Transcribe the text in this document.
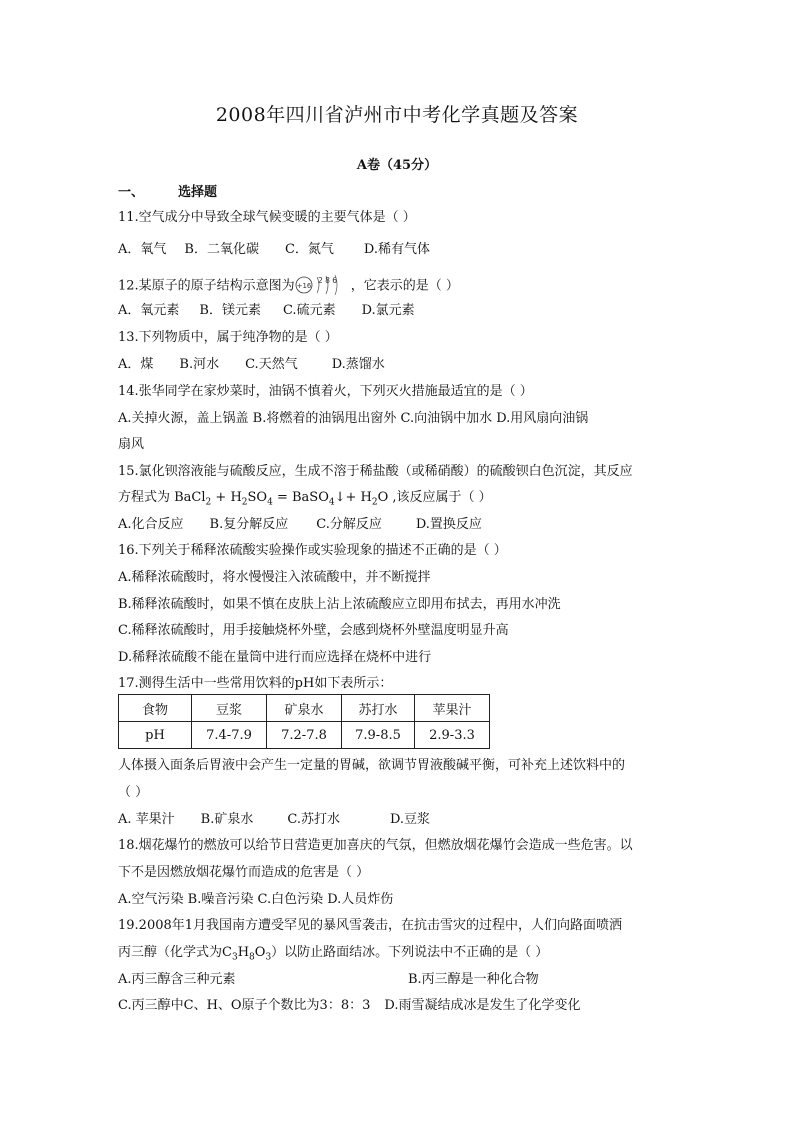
2008年四川省泸州市中考化学真题及答案
A卷（45分）
一、	选择题
11.空气成分中导致全球气候变暖的主要气体是（ ）
A．氧气 B．二氧化碳 C．氮气 D.稀有气体
12.某原子的原子结构示意图为 +16
2 8 6 ，它表示的是（ ）
A．氧元素 B．镁元素 C.硫元素 D.氯元素
13.下列物质中，属于纯净物的是（ ）
A．煤 B.河水 C.天然气	D.蒸馏水
14.张华同学在家炒菜时，油锅不慎着火，下列灭火措施最适宜的是（ ）
A.关掉火源，盖上锅盖 B.将燃着的油锅甩出窗外 C.向油锅中加水 D.用风扇向油锅
扇风
15.氯化钡溶液能与硫酸反应，生成不溶于稀盐酸（或稀硝酸）的硫酸钡白色沉淀，其反应
方程式为 BaCl$_2$ + $H_2SO_4$ = BaSO$_4$↓+ $H_2O$ ,该反应属于（ ）
A.化合反应 B.复分解反应 C.分解反应	D.置换反应
16.下列关于稀释浓硫酸实验操作或实验现象的描述不正确的是（ ）
A.稀释浓硫酸时，将水慢慢注入浓硫酸中，并不断搅拌
B.稀释浓硫酸时，如果不慎在皮肤上沾上浓硫酸应立即用布拭去，再用水冲洗
C.稀释浓硫酸时，用手接触烧杯外壁，会感到烧杯外壁温度明显升高
D.稀释浓硫酸不能在量筒中进行而应选择在烧杯中进行
17.测得生活中一些常用饮料的pH如下表所示：
食物	豆浆	矿泉水	苏打水	苹果汁
pH	7.4-7.9	7.2-7.8	7.9-8.5	2.9-3.3
人体摄入面条后胃液中会产生一定量的胃碱，欲调节胃液酸碱平衡，可补充上述饮料中的
（ ）
A. 苹果汁 B.矿泉水	C.苏打水	D.豆浆
18.烟花爆竹的燃放可以给节日营造更加喜庆的气氛，但燃放烟花爆竹会造成一些危害。以
下不是因燃放烟花爆竹而造成的危害是（ ）
A.空气污染 B.噪音污染 C.白色污染 D.人员炸伤
19.2008年1月我国南方遭受罕见的暴风雪袭击，在抗击雪灾的过程中，人们向路面喷洒
丙三醇（化学式为$C_3H_8O_3$）以防止路面结冰。下列说法中不正确的是（ ）
A.丙三醇含三种元素	B.丙三醇是一种化合物
C.丙三醇中C、H、O原子个数比为3：8：3 D.雨雪凝结成冰是发生了化学变化
